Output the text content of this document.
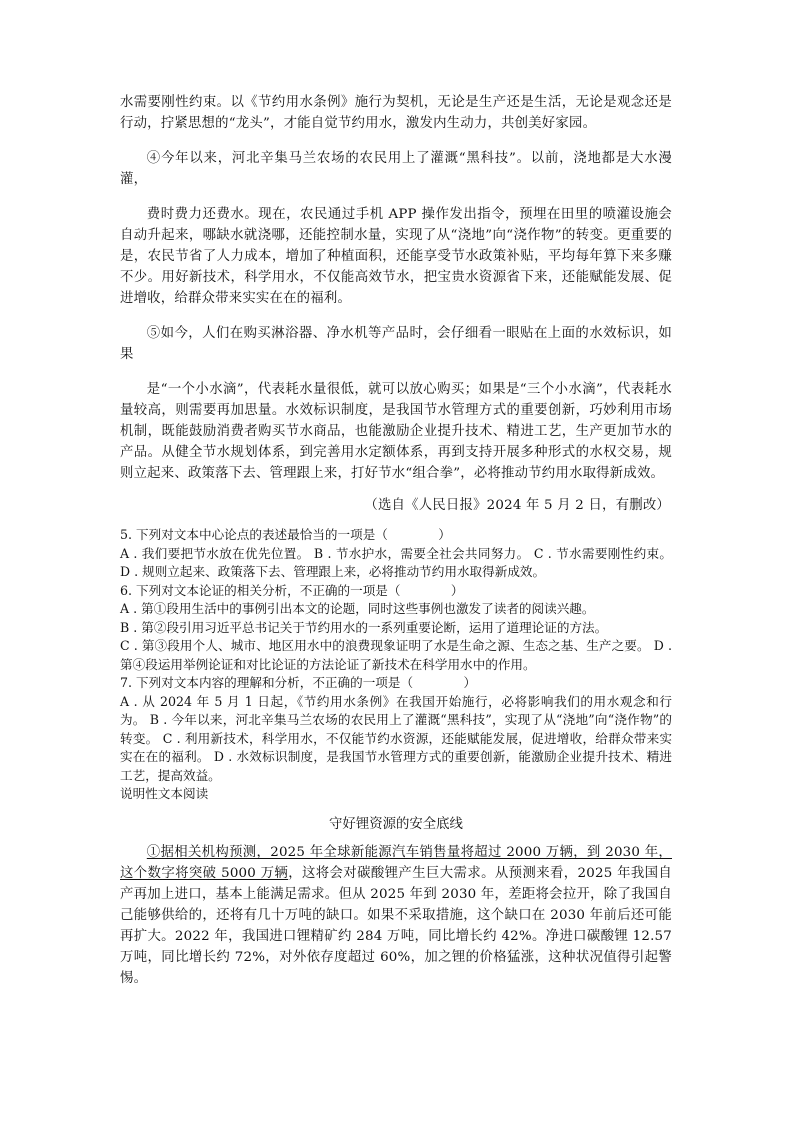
水需要刚性约束。以《节约用水条例》施行为契机，无论是生产还是生活，无论是观念还是行动，拧紧思想的“龙头”，才能自觉节约用水，激发内生动力，共创美好家园。

④今年以来，河北辛集马兰农场的农民用上了灌溉“黑科技”。以前，浇地都是大水漫灌，

费时费力还费水。现在，农民通过手机 APP 操作发出指令，预埋在田里的喷灌设施会自动升起来，哪缺水就浇哪，还能控制水量，实现了从“浇地”向“浇作物”的转变。更重要的是，农民节省了人力成本，增加了种植面积，还能享受节水政策补贴，平均每年算下来多赚不少。用好新技术，科学用水，不仅能高效节水，把宝贵水资源省下来，还能赋能发展、促进增收，给群众带来实实在在的福利。

⑤如今，人们在购买淋浴器、净水机等产品时，会仔细看一眼贴在上面的水效标识，如果

是“一个小水滴”，代表耗水量很低，就可以放心购买；如果是“三个小水滴”，代表耗水量较高，则需要再加思量。水效标识制度，是我国节水管理方式的重要创新，巧妙利用市场机制，既能鼓励消费者购买节水商品，也能激励企业提升技术、精进工艺，生产更加节水的产品。从健全节水规划体系，到完善用水定额体系，再到支持开展多种形式的水权交易，规则立起来、政策落下去、管理跟上来，打好节水“组合拳”，必将推动节约用水取得新成效。

（选自《人民日报》2024 年 5 月 2 日，有删改）

5. 下列对文本中心论点的表述最恰当的一项是（　　　　）

A . 我们要把节水放在优先位置。 B . 节水护水，需要全社会共同努力。 C . 节水需要刚性约束。 D . 规则立起来、政策落下去、管理跟上来，必将推动节约用水取得新成效。

6. 下列对文本论证的相关分析，不正确的一项是（　　　　）

A . 第①段用生活中的事例引出本文的论题，同时这些事例也激发了读者的阅读兴趣。

B . 第②段引用习近平总书记关于节约用水的一系列重要论断，运用了道理论证的方法。

C . 第③段用个人、城市、地区用水中的浪费现象证明了水是生命之源、生态之基、生产之要。 D . 第④段运用举例论证和对比论证的方法论证了新技术在科学用水中的作用。

7. 下列对文本内容的理解和分析，不正确的一项是（　　　　）

A . 从 2024 年 5 月 1 日起，《节约用水条例》在我国开始施行，必将影响我们的用水观念和行为。 B . 今年以来，河北辛集马兰农场的农民用上了灌溉“黑科技”，实现了从“浇地”向“浇作物”的转变。 C . 利用新技术，科学用水，不仅能节约水资源，还能赋能发展，促进增收，给群众带来实实在在的福利。 D . 水效标识制度，是我国节水管理方式的重要创新，能激励企业提升技术、精进工艺，提高效益。

说明性文本阅读

守好锂资源的安全底线

①据相关机构预测，2025 年全球新能源汽车销售量将超过 2000 万辆，到 2030 年，这个数字将突破 5000 万辆，这将会对碳酸锂产生巨大需求。从预测来看，2025 年我国自产再加上进口，基本上能满足需求。但从 2025 年到 2030 年，差距将会拉开，除了我国自己能够供给的，还将有几十万吨的缺口。如果不采取措施，这个缺口在 2030 年前后还可能再扩大。2022 年，我国进口锂精矿约 284 万吨，同比增长约 42%。净进口碳酸锂 12.57 万吨，同比增长约 72%，对外依存度超过 60%，加之锂的价格猛涨，这种状况值得引起警惕。
